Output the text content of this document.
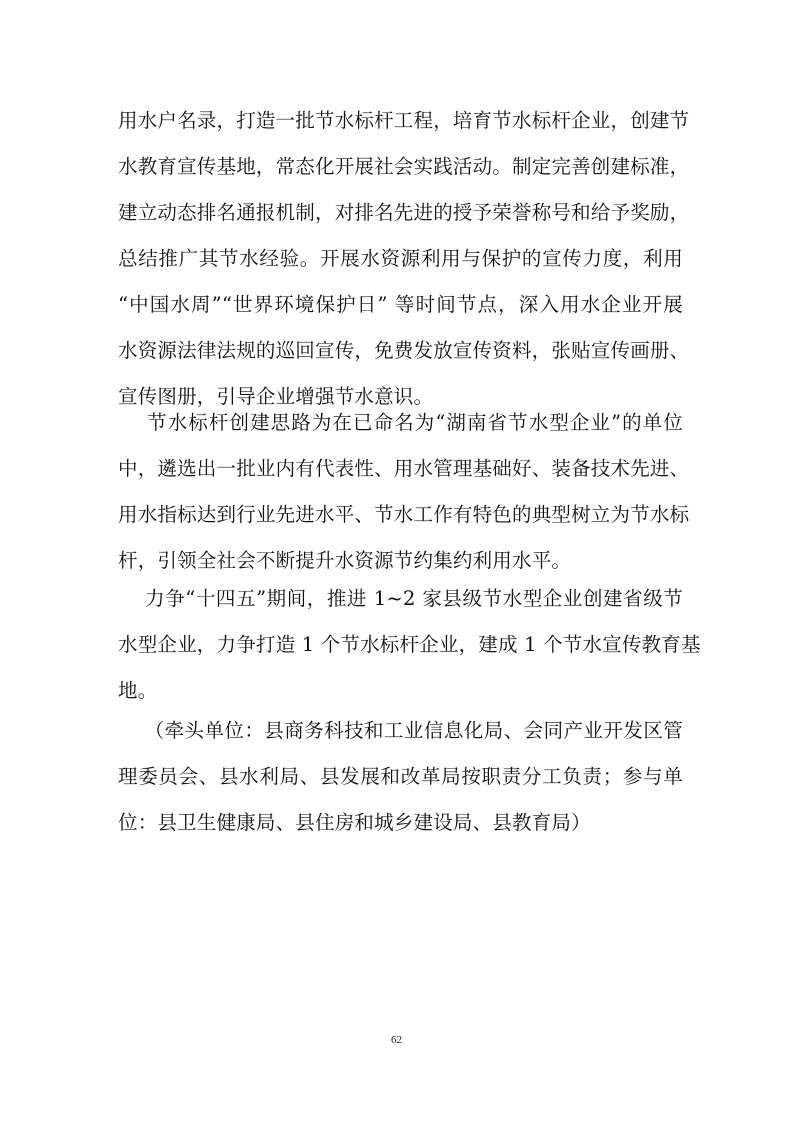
用水户名录，打造一批节水标杆工程，培育节水标杆企业，创建节
水教育宣传基地，常态化开展社会实践活动。制定完善创建标准，
建立动态排名通报机制，对排名先进的授予荣誉称号和给予奖励，
总结推广其节水经验。开展水资源利用与保护的宣传力度，利用
“中国水周”“世界环境保护日” 等时间节点，深入用水企业开展
水资源法律法规的巡回宣传，免费发放宣传资料，张贴宣传画册、
宣传图册，引导企业增强节水意识。
节水标杆创建思路为在已命名为“湖南省节水型企业”的单位
中，遴选出一批业内有代表性、用水管理基础好、装备技术先进、
用水指标达到行业先进水平、节水工作有特色的典型树立为节水标
杆，引领全社会不断提升水资源节约集约利用水平。
力争“十四五”期间，推进 1~2 家县级节水型企业创建省级节
水型企业，力争打造 1 个节水标杆企业，建成 1 个节水宣传教育基
地。
（牵头单位：县商务科技和工业信息化局、会同产业开发区管
理委员会、县水利局、县发展和改革局按职责分工负责；参与单
位：县卫生健康局、县住房和城乡建设局、县教育局）
62
